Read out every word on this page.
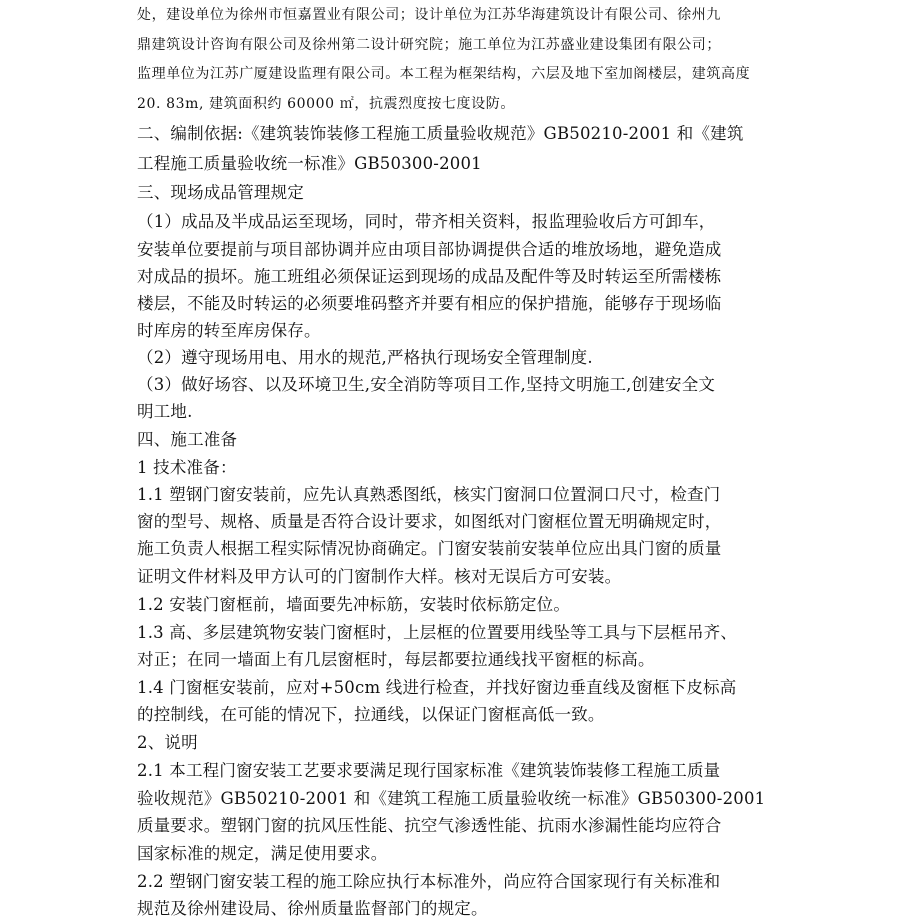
处，建设单位为徐州市恒嘉置业有限公司；设计单位为江苏华海建筑设计有限公司、徐州九
鼎建筑设计咨询有限公司及徐州第二设计研究院；施工单位为江苏盛业建设集团有限公司；
监理单位为江苏广厦建设监理有限公司。本工程为框架结构，六层及地下室加阁楼层，建筑高度
20. 83m, 建筑面积约 60000 ㎡，抗震烈度按七度设防。
二、编制依据:《建筑装饰装修工程施工质量验收规范》GB50210-2001 和《建筑
工程施工质量验收统一标准》GB50300-2001
三、现场成品管理规定
（1）成品及半成品运至现场，同时，带齐相关资料，报监理验收后方可卸车，
安装单位要提前与项目部协调并应由项目部协调提供合适的堆放场地，避免造成
对成品的损坏。施工班组必须保证运到现场的成品及配件等及时转运至所需楼栋
楼层，不能及时转运的必须要堆码整齐并要有相应的保护措施，能够存于现场临
时库房的转至库房保存。
（2）遵守现场用电、用水的规范,严格执行现场安全管理制度.
（3）做好场容、以及环境卫生,安全消防等项目工作,坚持文明施工,创建安全文
明工地.
四、施工准备
1 技术准备：
1.1 塑钢门窗安装前，应先认真熟悉图纸，核实门窗洞口位置洞口尺寸，检查门
窗的型号、规格、质量是否符合设计要求，如图纸对门窗框位置无明确规定时，
施工负责人根据工程实际情况协商确定。门窗安装前安装单位应出具门窗的质量
证明文件材料及甲方认可的门窗制作大样。核对无误后方可安装。
1.2 安装门窗框前，墙面要先冲标筋，安装时依标筋定位。
1.3 高、多层建筑物安装门窗框时，上层框的位置要用线坠等工具与下层框吊齐、
对正；在同一墙面上有几层窗框时，每层都要拉通线找平窗框的标高。
1.4 门窗框安装前，应对+50cm 线进行检查，并找好窗边垂直线及窗框下皮标高
的控制线，在可能的情况下，拉通线，以保证门窗框高低一致。
2、说明
2.1 本工程门窗安装工艺要求要满足现行国家标准《建筑装饰装修工程施工质量
验收规范》GB50210-2001 和《建筑工程施工质量验收统一标准》GB50300-2001
质量要求。塑钢门窗的抗风压性能、抗空气渗透性能、抗雨水渗漏性能均应符合
国家标准的规定，满足使用要求。
2.2 塑钢门窗安装工程的施工除应执行本标准外，尚应符合国家现行有关标准和
规范及徐州建设局、徐州质量监督部门的规定。
